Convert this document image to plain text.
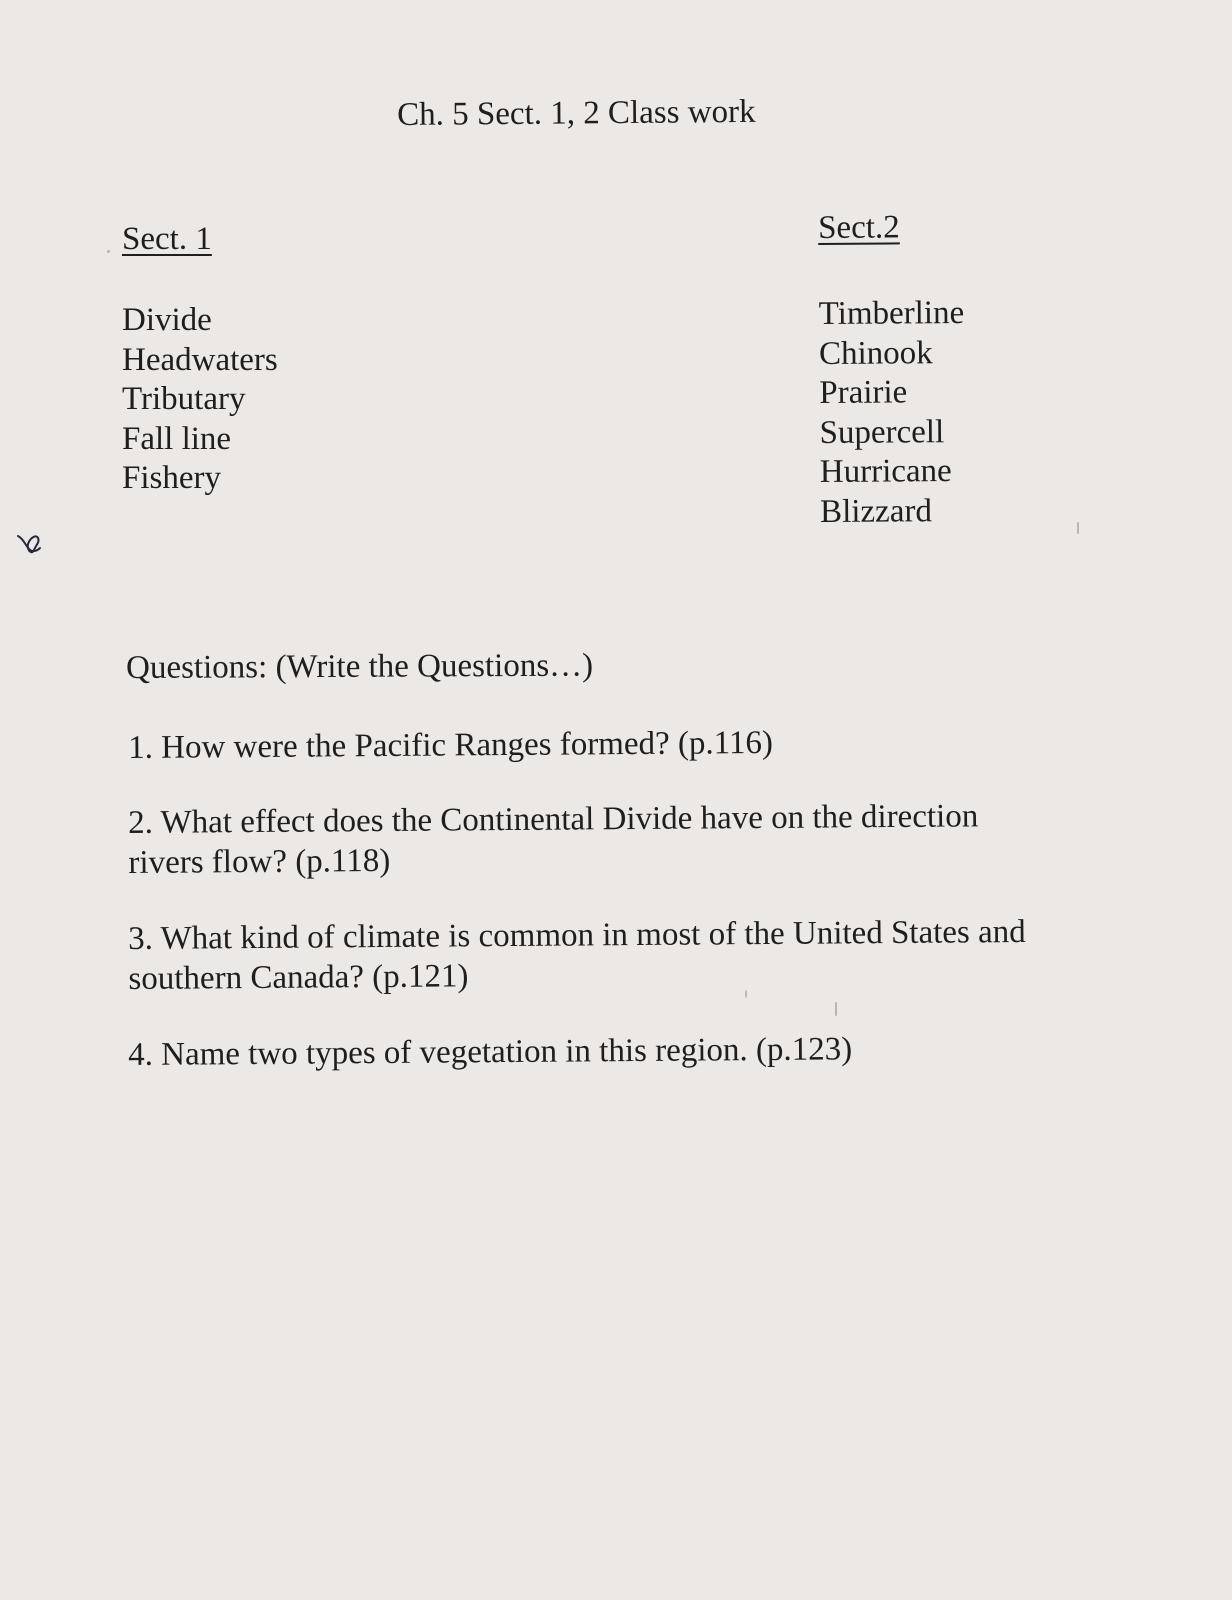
Ch. 5 Sect. 1, 2 Class work
Sect. 1
Divide
Headwaters
Tributary
Fall line
Fishery
Sect.2
Timberline
Chinook
Prairie
Supercell
Hurricane
Blizzard
Questions: (Write the Questions…)
1. How were the Pacific Ranges formed? (p.116)
2. What effect does the Continental Divide have on the direction rivers flow? (p.118)
3. What kind of climate is common in most of the United States and southern Canada? (p.121)
4. Name two types of vegetation in this region. (p.123)
